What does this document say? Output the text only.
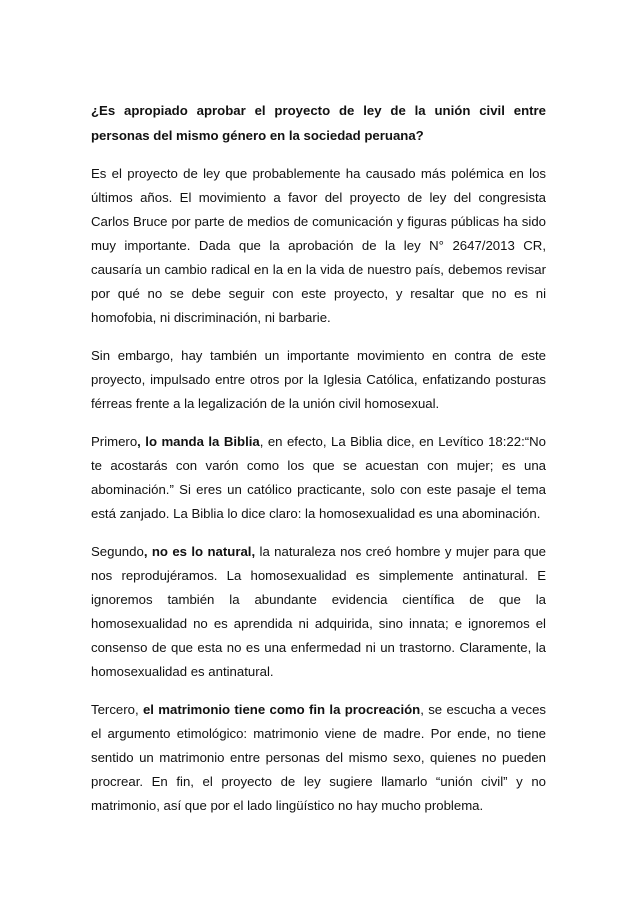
¿Es apropiado aprobar el proyecto de ley de la unión civil entre personas del mismo género en la sociedad peruana?

Es el proyecto de ley que probablemente ha causado más polémica en los últimos años. El movimiento a favor del proyecto de ley del congresista Carlos Bruce por parte de medios de comunicación y figuras públicas ha sido muy importante. Dada que la aprobación de la ley N° 2647/2013 CR, causaría un cambio radical en la en la vida de nuestro país, debemos revisar por qué no se debe seguir con este proyecto, y resaltar que no es ni homofobia, ni discriminación, ni barbarie.

Sin embargo, hay también un importante movimiento en contra de este proyecto, impulsado entre otros por la Iglesia Católica, enfatizando posturas férreas frente a la legalización de la unión civil homosexual.

Primero, lo manda la Biblia, en efecto, La Biblia dice, en Levítico 18:22:“No te acostarás con varón como los que se acuestan con mujer; es una abominación.” Si eres un católico practicante, solo con este pasaje el tema está zanjado. La Biblia lo dice claro: la homosexualidad es una abominación.

Segundo, no es lo natural, la naturaleza nos creó hombre y mujer para que nos reprodujéramos. La homosexualidad es simplemente antinatural. E ignoremos también la abundante evidencia científica de que la homosexualidad no es aprendida ni adquirida, sino innata; e ignoremos el consenso de que esta no es una enfermedad ni un trastorno. Claramente, la homosexualidad es antinatural.

Tercero, el matrimonio tiene como fin la procreación, se escucha a veces el argumento etimológico: matrimonio viene de madre. Por ende, no tiene sentido un matrimonio entre personas del mismo sexo, quienes no pueden procrear. En fin, el proyecto de ley sugiere llamarlo “unión civil” y no matrimonio, así que por el lado lingüístico no hay mucho problema.
